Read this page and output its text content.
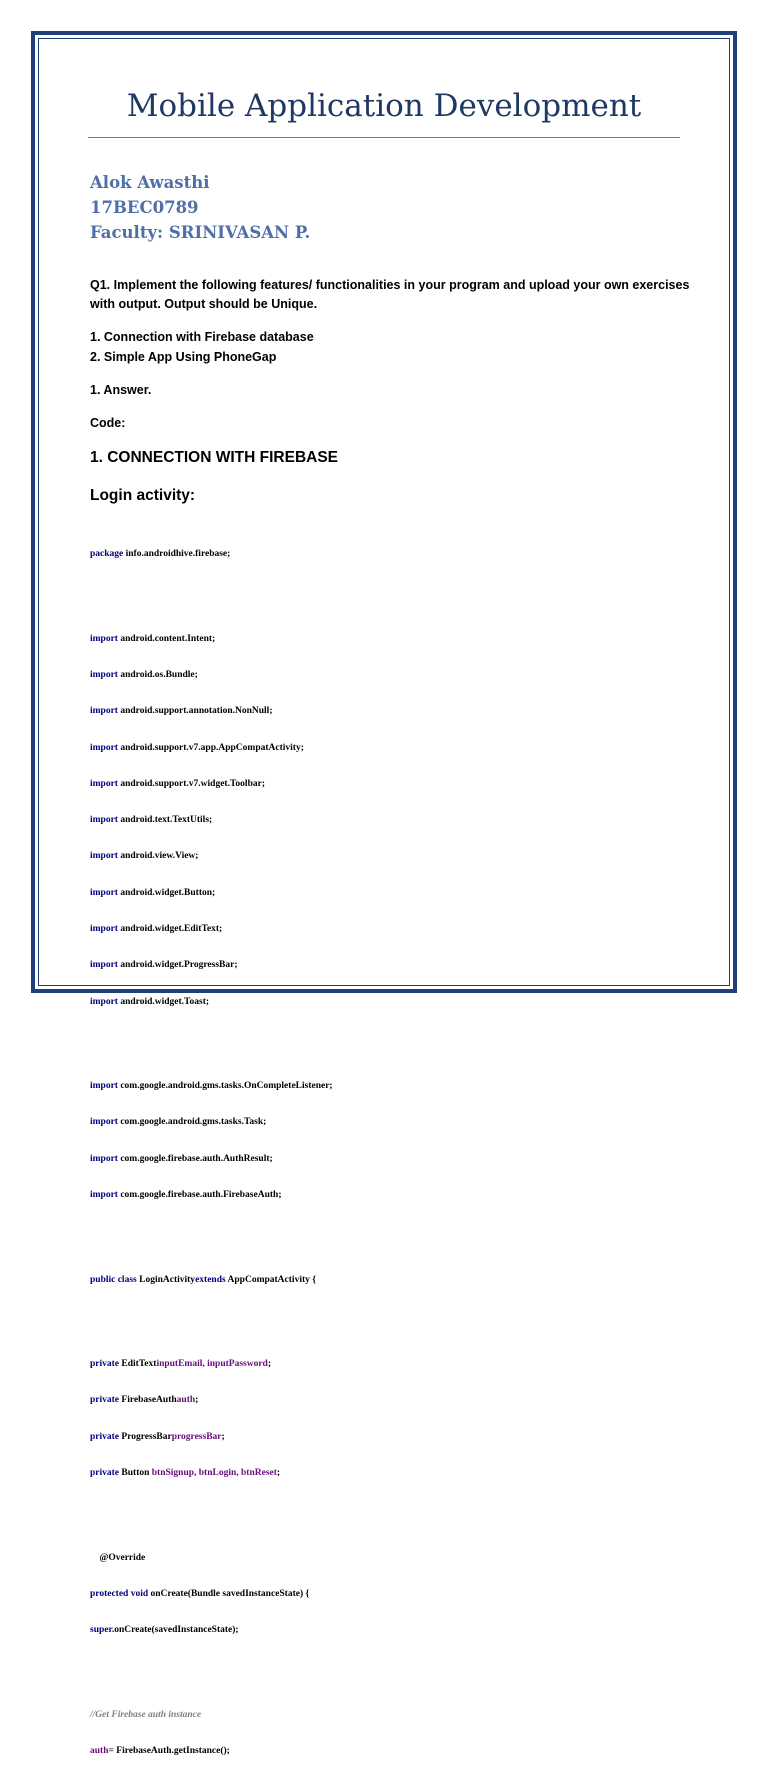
Mobile Application Development
Alok Awasthi
17BEC0789
Faculty: SRINIVASAN P.
Q1. Implement the following features/ functionalities in your program and upload your own exercises
with output. Output should be Unique.
1. Connection with Firebase database
2. Simple App Using PhoneGap
1. Answer.
Code:
1. CONNECTION WITH FIREBASE
Login activity:

package info.androidhive.firebase;

import android.content.Intent;

import android.os.Bundle;

import android.support.annotation.NonNull;

import android.support.v7.app.AppCompatActivity;

import android.support.v7.widget.Toolbar;

import android.text.TextUtils;

import android.view.View;

import android.widget.Button;

import android.widget.EditText;

import android.widget.ProgressBar;

import android.widget.Toast;

import com.google.android.gms.tasks.OnCompleteListener;

import com.google.android.gms.tasks.Task;

import com.google.firebase.auth.AuthResult;

import com.google.firebase.auth.FirebaseAuth;

public class LoginActivityextends AppCompatActivity {

private EditTextinputEmail, inputPassword;

private FirebaseAuthauth;

private ProgressBarprogressBar;

private Button btnSignup, btnLogin, btnReset;

@Override

protected void onCreate(Bundle savedInstanceState) {

super.onCreate(savedInstanceState);

//Get Firebase auth instance

auth= FirebaseAuth.getInstance();
